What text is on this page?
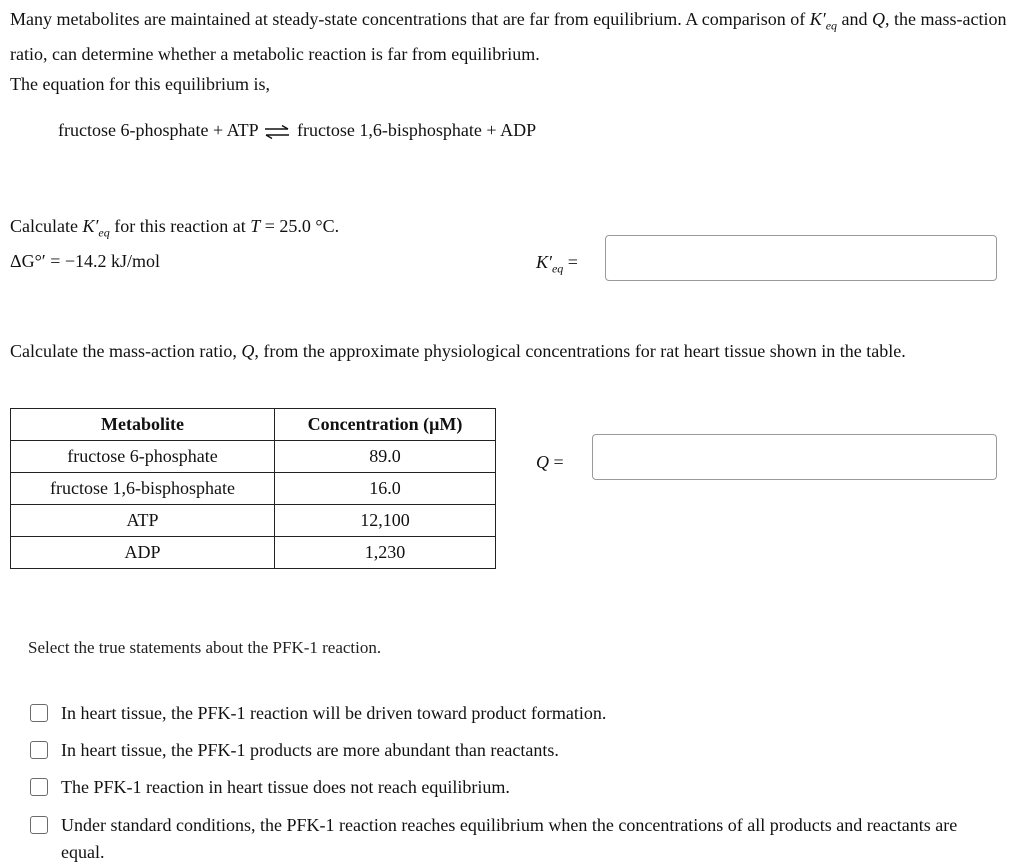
Many metabolites are maintained at steady-state concentrations that are far from equilibrium. A comparison of $K'_{eq}$ and Q, the mass-action ratio, can determine whether a metabolic reaction is far from equilibrium.
The equation for this equilibrium is,
fructose 6-phosphate + ATP ⇌ fructose 1,6-bisphosphate + ADP
Calculate $K'_{eq}$ for this reaction at T = 25.0 °C.
ΔG°′ = −14.2 kJ/mol	$K'_{eq}$ =
Calculate the mass-action ratio, Q, from the approximate physiological concentrations for rat heart tissue shown in the table.
Metabolite	Concentration (μM)
fructose 6-phosphate	89.0
fructose 1,6-bisphosphate	16.0
ATP	12,100
ADP	1,230
Q =
Select the true statements about the PFK-1 reaction.
In heart tissue, the PFK-1 reaction will be driven toward product formation.
In heart tissue, the PFK-1 products are more abundant than reactants.
The PFK-1 reaction in heart tissue does not reach equilibrium.
Under standard conditions, the PFK-1 reaction reaches equilibrium when the concentrations of all products and reactants are equal.
